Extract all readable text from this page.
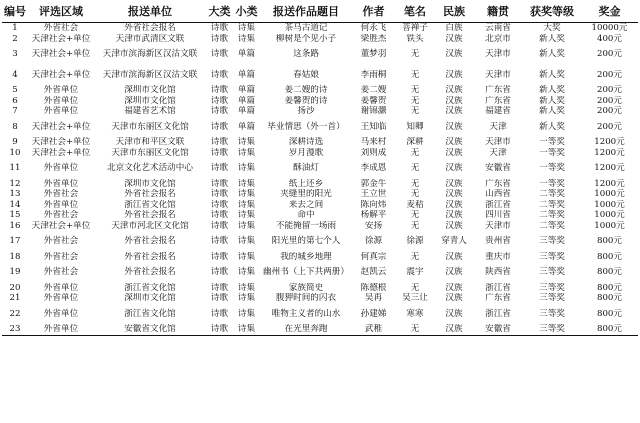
编号	评选区域	报送单位	大类	小类	报送作品题目	作者	笔名	民族	籍贯	获奖等级	奖金
1	外省社会	外省社会报名	诗歌	诗集	茶马古道记	何永飞	菩禅子	白族	云南省	大奖	10000元
2	天津社会+单位	天津市武清区文联	诗歌	诗集	柳树是个见小子	梁胜杰	铁头	汉族	北京市	新人奖	400元
3	天津社会+单位	天津市滨海新区汉沽文联	诗歌	单篇	这条路	董梦羽	无	汉族	天津市	新人奖	200元
4	天津社会+单位	天津市滨海新区汉沽文联	诗歌	单篇	春姑娘	李雨桐	无	汉族	天津市	新人奖	200元
5	外省单位	深圳市文化馆	诗歌	单篇	姜二嫂的诗	姜二嫂	无	汉族	广东省	新人奖	200元
6	外省单位	深圳市文化馆	诗歌	单篇	姜馨贺的诗	姜馨贺	无	汉族	广东省	新人奖	200元
7	外省单位	福建省艺术馆	诗歌	单篇	扬沙	谢锦灏	无	汉族	福建省	新人奖	200元
8	天津社会+单位	天津市东丽区文化馆	诗歌	单篇	毕业情思（外一首）	王知临	知卿	汉族	天津	新人奖	200元
9	天津社会+单位	天津市和平区文联	诗歌	诗集	深耕诗选	马来村	深耕	汉族	天津市	一等奖	1200元
10	天津社会+单位	天津市东丽区文化馆	诗歌	诗集	岁月漫歌	刘则成	无	汉族	天津	一等奖	1200元
11	外省单位	北京文化艺术活动中心	诗歌	诗集	酥油灯	李成恩	无	汉族	安徽省	一等奖	1200元
12	外省单位	深圳市文化馆	诗歌	诗集	纸上还乡	郭金牛	无	汉族	广东省	一等奖	1200元
13	外省社会	外省社会报名	诗歌	诗集	夹缝里的阳光	王立世	无	汉族	山西省	二等奖	1000元
14	外省单位	浙江省文化馆	诗歌	诗集	来去之间	陈向炜	麦秸	汉族	浙江省	二等奖	1000元
15	外省社会	外省社会报名	诗歌	诗集	命中	杨解平	无	汉族	四川省	二等奖	1000元
16	天津社会+单位	天津市河北区文化馆	诗歌	诗集	不能掩留一场雨	安扬	无	汉族	天津市	二等奖	1000元
17	外省社会	外省社会报名	诗歌	诗集	阳光里的第七个人	徐源	徐源	穿青人	贵州省	三等奖	800元
18	外省社会	外省社会报名	诗歌	诗集	我的城乡地理	何真宗	无	汉族	重庆市	三等奖	800元
19	外省社会	外省社会报名	诗歌	诗集	幽州书（上下共两册）	赵凯云	震宇	汉族	陕西省	三等奖	800元
20	外省单位	浙江省文化馆	诗歌	诗集	家族简史	陈德根	无	汉族	浙江省	三等奖	800元
21	外省单位	深圳市文化馆	诗歌	诗集	腹狎时间的闪衣	吴再	吴三让	汉族	广东省	三等奖	800元
22	外省单位	浙江省文化馆	诗歌	诗集	唯物主义者的山水	孙建娣	寒寒	汉族	浙江省	三等奖	800元
23	外省单位	安徽省文化馆	诗歌	诗集	在光里奔跑	武稚	无	汉族	安徽省	三等奖	800元
